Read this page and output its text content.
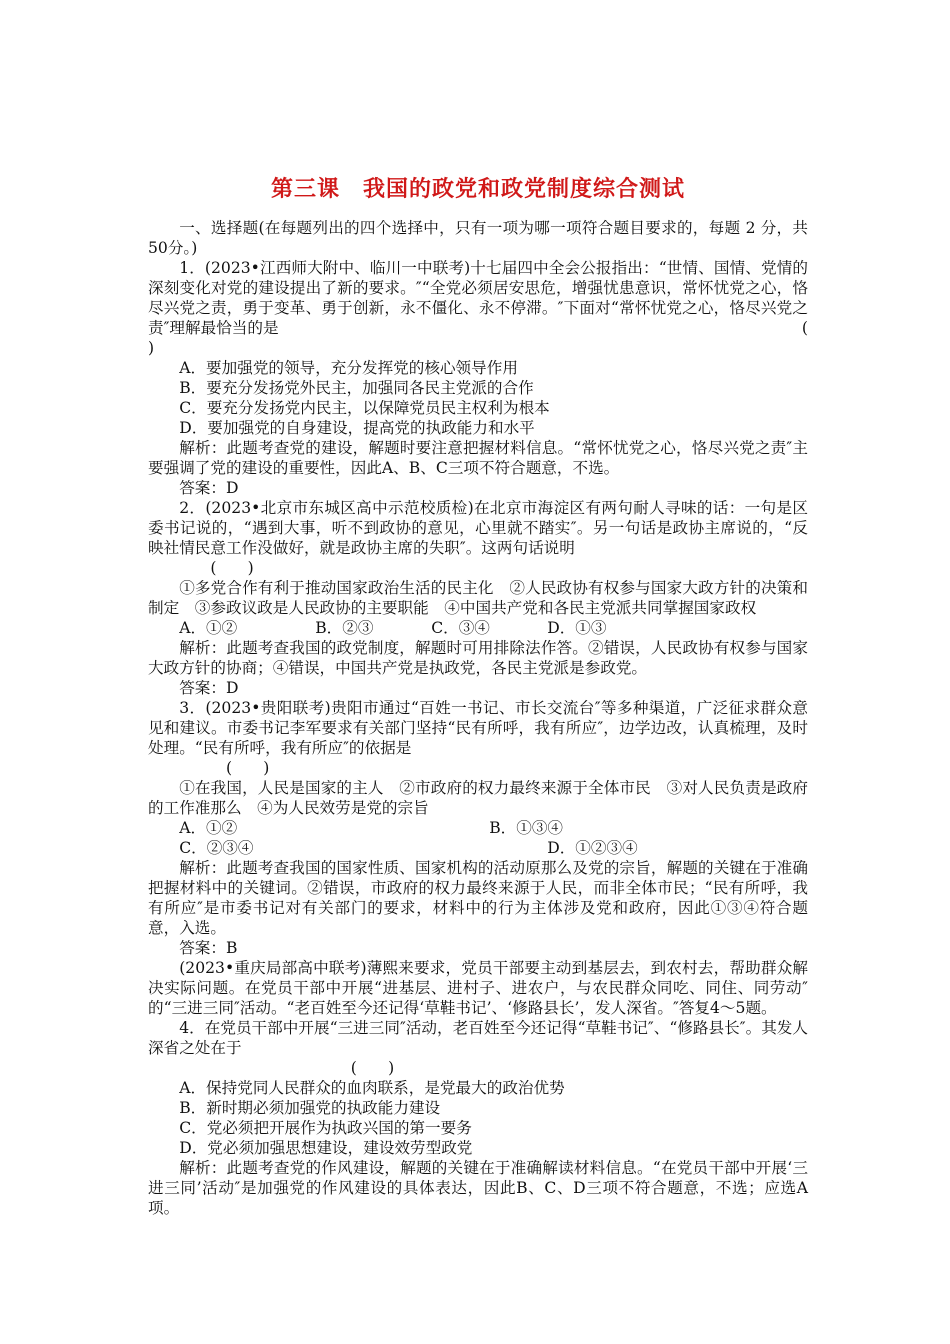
第三课　我国的政党和政党制度综合测试

一、选择题(在每题列出的四个选择中，只有一项为哪一项符合题目要求的，每题 2 分，共50分。)

1．(2023•江西师大附中、临川一中联考)十七届四中全会公报指出：“世情、国情、党情的深刻变化对党的建设提出了新的要求。″“全党必须居安思危，增强忧患意识，常怀忧党之心，恪尽兴党之责，勇于变革、勇于创新，永不僵化、永不停滞。″下面对“常怀忧党之心，恪尽兴党之责″理解最恰当的是	(

)

A．要加强党的领导，充分发挥党的核心领导作用

B．要充分发扬党外民主，加强同各民主党派的合作

C．要充分发扬党内民主，以保障党员民主权利为根本

D．要加强党的自身建设，提高党的执政能力和水平

解析：此题考查党的建设，解题时要注意把握材料信息。“常怀忧党之心，恪尽兴党之责″主要强调了党的建设的重要性，因此A、B、C三项不符合题意，不选。

答案：D

2．(2023•北京市东城区高中示范校质检)在北京市海淀区有两句耐人寻味的话：一句是区委书记说的，“遇到大事，听不到政协的意见，心里就不踏实″。另一句话是政协主席说的，“反映社情民意工作没做好，就是政协主席的失职″。这两句话说明

(　　)

①多党合作有利于推动国家政治生活的民主化　②人民政协有权参与国家大政方针的决策和制定　③参政议政是人民政协的主要职能　④中国共产党和各民主党派共同掌握国家政权

A．①②	B．②③	C．③④	D．①③

解析：此题考查我国的政党制度，解题时可用排除法作答。②错误，人民政协有权参与国家大政方针的协商；④错误，中国共产党是执政党，各民主党派是参政党。

答案：D

3．(2023•贵阳联考)贵阳市通过“百姓一书记、市长交流台″等多种渠道，广泛征求群众意见和建议。市委书记李军要求有关部门坚持“民有所呼，我有所应″，边学边改，认真梳理，及时处理。“民有所呼，我有所应″的依据是

(　　)

①在我国，人民是国家的主人　②市政府的权力最终来源于全体市民　③对人民负责是政府的工作准那么　④为人民效劳是党的宗旨

A．①②	B．①③④
C．②③④	D．①②③④

解析：此题考查我国的国家性质、国家机构的活动原那么及党的宗旨，解题的关键在于准确把握材料中的关键词。②错误，市政府的权力最终来源于人民，而非全体市民；“民有所呼，我有所应″是市委书记对有关部门的要求，材料中的行为主体涉及党和政府，因此①③④符合题意，入选。

答案：B

(2023•重庆局部高中联考)薄熙来要求，党员干部要主动到基层去，到农村去，帮助群众解决实际问题。在党员干部中开展“进基层、进村子、进农户，与农民群众同吃、同住、同劳动″的“三进三同″活动。“老百姓至今还记得‘草鞋书记’、‘修路县长’，发人深省。″答复4～5题。

4．在党员干部中开展“三进三同″活动，老百姓至今还记得“草鞋书记″、“修路县长″。其发人深省之处在于

(　　)

A．保持党同人民群众的血肉联系，是党最大的政治优势

B．新时期必须加强党的执政能力建设

C．党必须把开展作为执政兴国的第一要务

D．党必须加强思想建设，建设效劳型政党

解析：此题考查党的作风建设，解题的关键在于准确解读材料信息。“在党员干部中开展‘三进三同’活动″是加强党的作风建设的具体表达，因此B、C、D三项不符合题意，不选；应选A项。
